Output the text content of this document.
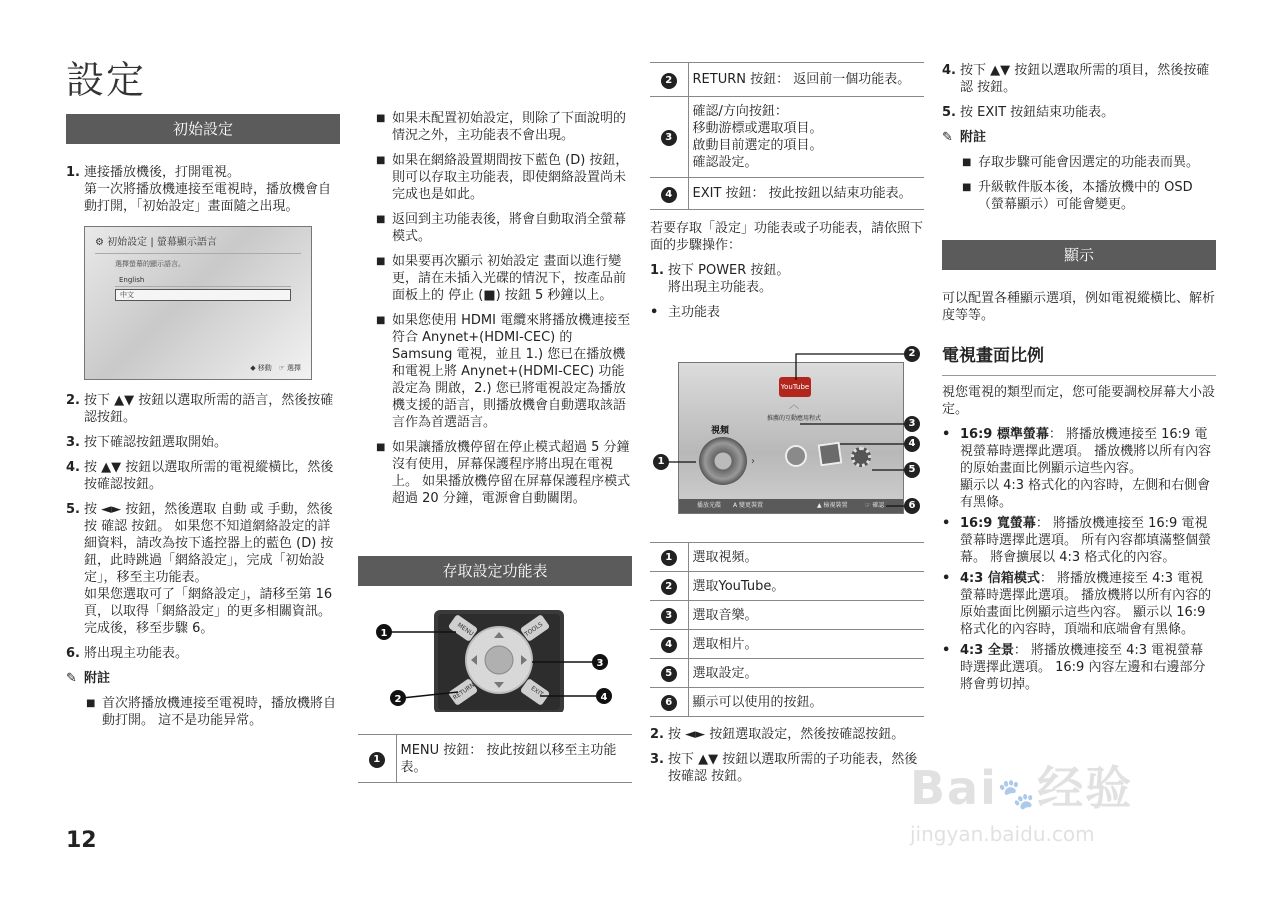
設定
初始設定
1. 連接播放機後，打開電視。
第一次將播放機連接至電視時，播放機會自動打開，「初始設定」畫面隨之出現。
⚙ 初始設定 | 螢幕顯示語言
選擇螢幕的顯示語言。
English
中文
◆ 移動 ☞ 選擇
2. 按下 ▲▼ 按鈕以選取所需的語言，然後按確認按鈕。
3. 按下確認按鈕選取開始。
4. 按 ▲▼ 按鈕以選取所需的電視縱橫比，然後按確認按鈕。
5. 按 ◄► 按鈕，然後選取 自動 或 手動，然後按 確認 按鈕。 如果您不知道網絡設定的詳細資料，請改為按下遙控器上的藍色 (D) 按鈕，此時跳過「網絡設定」，完成「初始設定」，移至主功能表。
如果您選取可了「網絡設定」，請移至第 16 頁，以取得「網絡設定」的更多相關資訊。 完成後，移至步驟 6。
6. 將出現主功能表。
✎ 附註
■ 首次將播放機連接至電視時，播放機將自動打開。 這不是功能异常。
■ 如果未配置初始設定，則除了下面說明的情況之外，主功能表不會出現。
■ 如果在網絡設置期間按下藍色 (D) 按鈕，則可以存取主功能表，即使網絡設置尚未完成也是如此。
■ 返回到主功能表後，將會自動取消全螢幕 模式。
■ 如果要再次顯示 初始設定 畫面以進行變更，請在未插入光碟的情況下，按產品前面板上的 停止 (■) 按鈕 5 秒鐘以上。
■ 如果您使用 HDMI 電纜來將播放機連接至符合 Anynet+(HDMI-CEC) 的 Samsung 電視，並且 1.) 您已在播放機和電視上將 Anynet+(HDMI-CEC) 功能設定為 開啟，2.) 您已將電視設定為播放機支援的語言，則播放機會自動選取該語言作為首選語言。
■ 如果讓播放機停留在停止模式超過 5 分鐘沒有使用，屏幕保護程序將出現在電視上。 如果播放機停留在屏幕保護程序模式超過 20 分鐘，電源會自動關閉。
存取設定功能表
1
2
3
4
MENU	TOOLS
RETURN	EXIT
1	MENU 按鈕： 按此按鈕以移至主功能表。
2	RETURN 按鈕： 返回前一個功能表。
3	確認/方向按鈕：
移動游標或選取項目。
啟動目前選定的項目。
確認設定。

4	EXIT 按鈕： 按此按鈕以結束功能表。
若要存取「設定」功能表或子功能表，請依照下面的步驟操作：
1. 按下 POWER 按鈕。
將出現主功能表。
• 主功能表
YouTube
︿
推薦的互動應用程式
視頻
›
播放光碟 A 變更裝置	▲ 檢視裝置	☞ 確認
1
2
3
4
5
6
1	選取視頻。
2	選取YouTube。
3	選取音樂。
4	選取相片。
5	選取設定。
6	顯示可以使用的按鈕。
2. 按 ◄► 按鈕選取設定，然後按確認按鈕。
3. 按下 ▲▼ 按鈕以選取所需的子功能表，然後按確認 按鈕。
4. 按下 ▲▼ 按鈕以選取所需的項目，然後按確認 按鈕。
5. 按 EXIT 按鈕結束功能表。
✎ 附註
■ 存取步驟可能會因選定的功能表而異。
■ 升級軟件版本後，本播放機中的 OSD（螢幕顯示）可能會變更。
顯示
可以配置各種顯示選項，例如電視縱橫比、解析度等等。
電視畫面比例
視您電視的類型而定，您可能要調校屏幕大小設定。
• 16:9 標準螢幕： 將播放機連接至 16:9 電視螢幕時選擇此選項。 播放機將以所有內容的原始畫面比例顯示這些內容。
顯示以 4:3 格式化的內容時，左側和右側會有黑條。
• 16:9 寬螢幕： 將播放機連接至 16:9 電視螢幕時選擇此選項。 所有內容都填滿整個螢幕。 將會擴展以 4:3 格式化的內容。
• 4:3 信箱模式： 將播放機連接至 4:3 電視螢幕時選擇此選項。 播放機將以所有內容的原始畫面比例顯示這些內容。 顯示以 16:9 格式化的內容時，頂端和底端會有黑條。
• 4:3 全景： 將播放機連接至 4:3 電視螢幕時選擇此選項。 16:9 內容左邊和右邊部分將會剪切掉。
Bai🐾经验
jingyan.baidu.com
12
